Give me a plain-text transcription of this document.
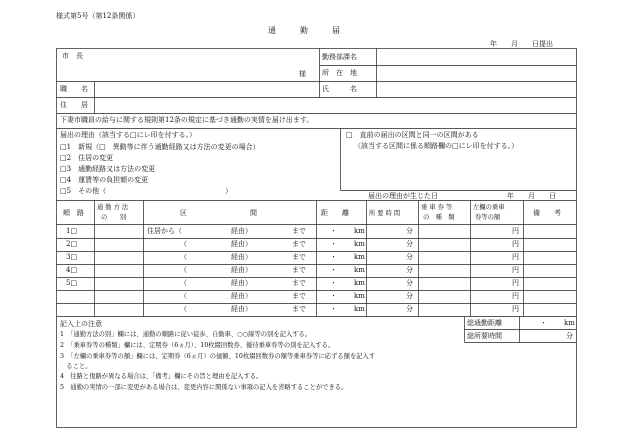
様式第5号（第12条関係）
通　　　勤　　　届
年　　月　　日提出
市　長
様
勤務部課名
所　在　地
職　　名	氏　　　名
住　　居
下妻市職員の給与に関する規則第12条の規定に基づき通勤の実情を届け出ます。
届出の理由（該当する□にレ印を付する。）
□1　新規（□　異動等に伴う通勤経路又は方法の変更の場合）
□2　住居の変更
□3　通勤経路又は方法の変更
□4　運賃等の負担額の変更
□5　その他（　　　　　　　　　　　　　　　　　）
□　直前の届出の区間と同一の区間がある
（該当する区間に係る順路欄の□にレ印を付する。）
届出の理由が生じた日	年　　月　　日
順　路
通 勤 方 法
の　　別
区　　　　　　　　　間	距　　離	所 要 時 間
乗 車 券 等
の　種　類
左欄の乗車
券等の額
備　　考
1□	住居から（	経由）	まで	・ km	分	円
2□	（	経由）	まで	・ km	分	円
3□	（	経由）	まで	・ km	分	円
4□	（	経由）	まで	・ km	分	円
5□	（	経由）	まで	・ km	分	円
（	経由）	まで	・ km	分	円
（	経由）	まで	・ km	分	円
記入上の注意
1　「通勤方法の別」欄には、通勤の順路に従い徒歩、自動車、○○線等の別を記入する。
2　「乗車券等の種類」欄には、定期券（6ヵ月）、10枚綴回数券、優待乗車券等の別を記入する。
3　「左欄の乗車券等の額」欄には、定期券（6ヵ月）の価額、10枚綴回数券の額等乗車券等に応ずる額を記入す
　ること。
4　往路と復路が異なる場合は、「備考」欄にその旨と理由を記入する。
5　通勤の実情の一部に変更がある場合は、変更内容に関係ない事項の記入を省略することができる。
総通勤距離	・ km
総所要時間	分
